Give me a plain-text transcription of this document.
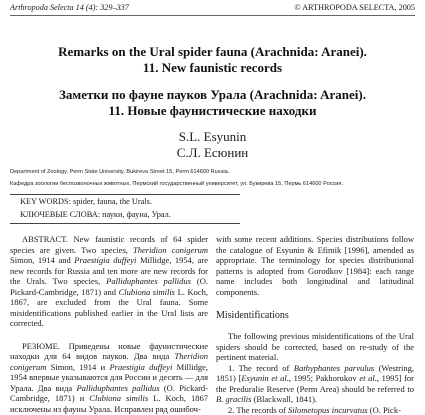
Arthropoda Selecta 14 (4): 329–337	© ARTHROPODA SELECTA, 2005
Remarks on the Ural spider fauna (Arachnida: Aranei).
11. New faunistic records
Заметки по фауне пауков Урала (Arachnida: Aranei).
11. Новые фаунистические находки
S.L. Esyunin
С.Л. Есюнин
Department of Zoology, Perm State University, Bukireva Street 15, Perm 614600 Russia.
Кафедра зоологии беспозвоночных животных, Пермский государственный университет, ул. Букирева 15, Пермь 614600 Россия.
KEY WORDS: spider, fauna, the Urals.
КЛЮЧЕВЫЕ СЛОВА: пауки, фауна, Урал.

ABSTRACT. New faunistic records of 64 spider species are given. Two species, Theridion conigerum Simon, 1914 and Praestigia duffeyi Millidge, 1954, are new records for Russia and ten more are new records for the Urals. Two species, Palliduphantes pallidus (O. Pickard-Cambridge, 1871) and Clubiona similis L. Koch, 1867, are excluded from the Ural fauna. Some misidentifications published earlier in the Ural lists are corrected.

РЕЗЮМЕ. Приведены новые фаунистические находки для 64 видов пауков. Два вида Theridion conigerum Simon, 1914 и Praestigia duffeyi Millidge, 1954 впервые указываются для России и десять — для Урала. Два вида Palliduphantes pallidus (O. Pickard-Cambridge, 1871) и Clubiona similis L. Koch, 1867 исключены из фауны Урала. Исправлен ряд ошибоч-

with some recent additions. Species distributions follow the catalogue of Esyunin & Efimik [1996], amended as appropriate. The terminology for species distributional patterns is adopted from Gorodkov [1984]: each range name includes both longitudinal and latitudinal components.

Misidentifications

The following previous misidentifications of the Ural spiders should be corrected, based on re-study of the pertinent material.

1. The record of Bathyphantes parvulus (Westring, 1851) [Esyunin et al., 1995; Pakhorukov et al., 1995] for the Preduralie Reserve (Perm Area) should be referred to B. gracilis (Blackwall, 1841).

2. The records of Silometopus incurvatus (O. Pick-
